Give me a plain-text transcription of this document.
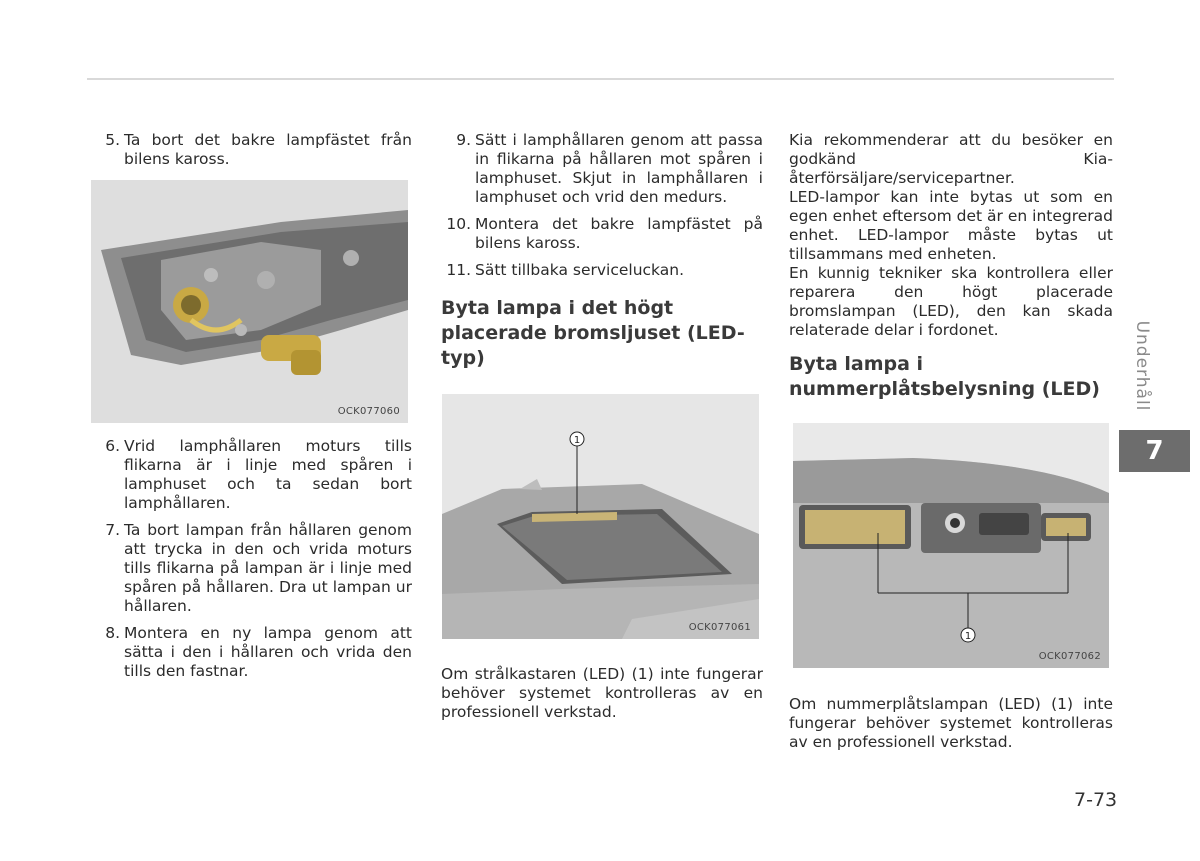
5. Ta bort det bakre lampfästet från bilens kaross.
OCK077060
6. Vrid lamphållaren moturs tills flikarna är i linje med spåren i lamphuset och ta sedan bort lamphållaren.
7. Ta bort lampan från hållaren genom att trycka in den och vrida moturs tills flikarna på lampan är i linje med spåren på hållaren. Dra ut lampan ur hållaren.
8. Montera en ny lampa genom att sätta i den i hållaren och vrida den tills den fastnar.
9. Sätt i lamphållaren genom att passa in flikarna på hållaren mot spåren i lamphuset. Skjut in lamphållaren i lamphuset och vrid den medurs.
10. Montera det bakre lampfästet på bilens kaross.
11. Sätt tillbaka serviceluckan.
Byta lampa i det högt placerade bromsljuset (LED-typ)
1
OCK077061

Om strålkastaren (LED) (1) inte fungerar behöver systemet kontrolleras av en professionell verkstad.

Kia rekommenderar att du besöker en godkänd Kia-återförsäljare/servicepartner.

LED-lampor kan inte bytas ut som en egen enhet eftersom det är en integrerad enhet. LED-lampor måste bytas ut tillsammans med enheten.

En kunnig tekniker ska kontrollera eller reparera den högt placerade bromslampan (LED), den kan skada relaterade delar i fordonet.

Byta lampa i nummerplåtsbelysning (LED)
1
OCK077062

Om nummerplåtslampan (LED) (1) inte fungerar behöver systemet kontrolleras av en professionell verkstad.

Underhåll
7
7-73
